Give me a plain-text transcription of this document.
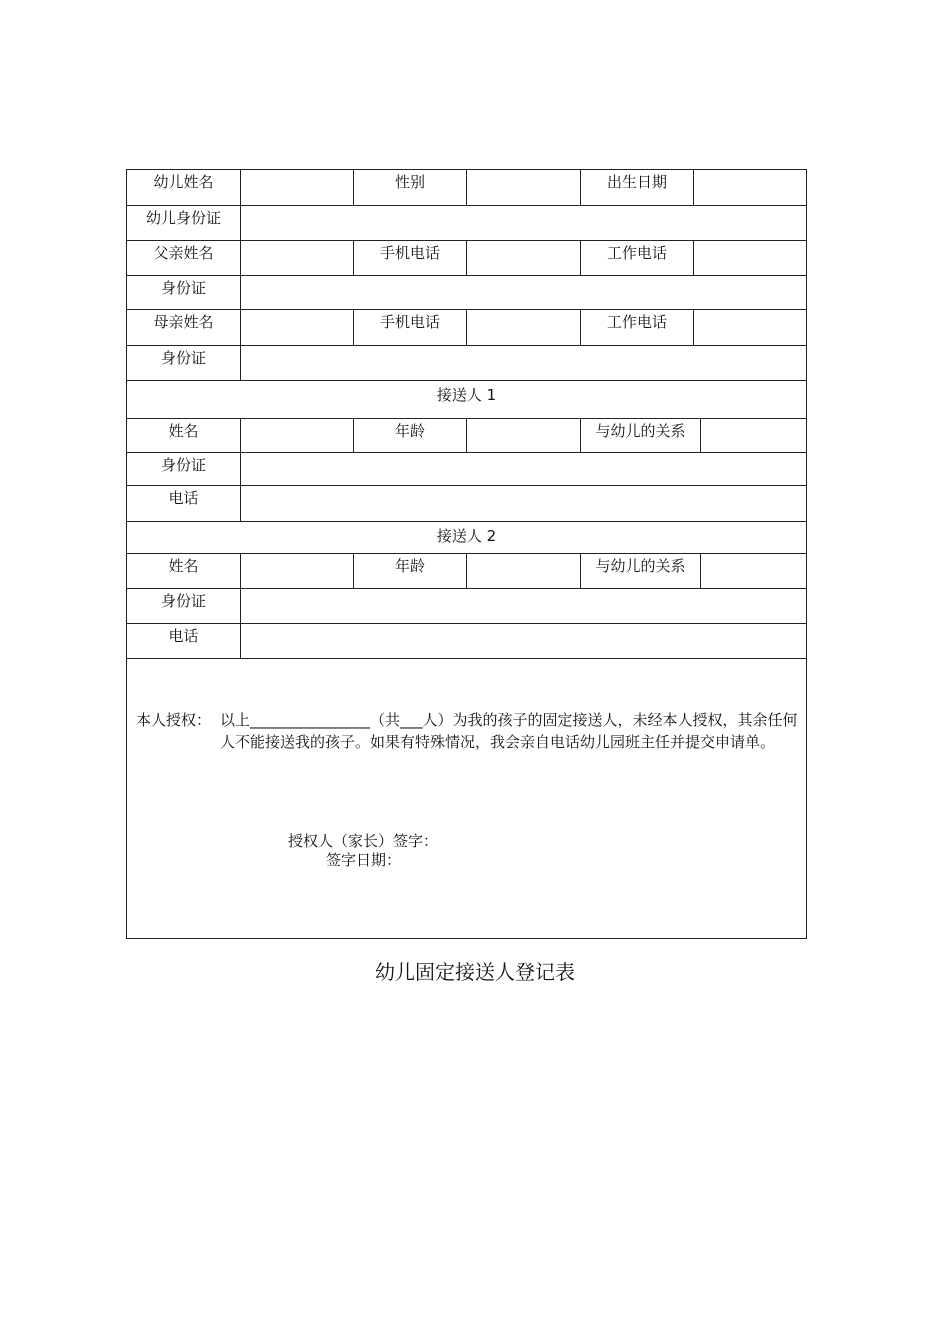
幼儿姓名	性别	出生日期
幼儿身份证
父亲姓名	手机电话	工作电话
身份证
母亲姓名	手机电话	工作电话
身份证
接送人 1
姓名	年龄	与幼儿的关系
身份证
电话
接送人 2
姓名	年龄	与幼儿的关系
身份证
电话
本人授权： 以上________________（共___人）为我的孩子的固定接送人，未经本人授权，其余任何人不能接送我的孩子。如果有特殊情况，我会亲自电话幼儿园班主任并提交申请单。
授权人（家长）签字：
签字日期：
幼儿固定接送人登记表
